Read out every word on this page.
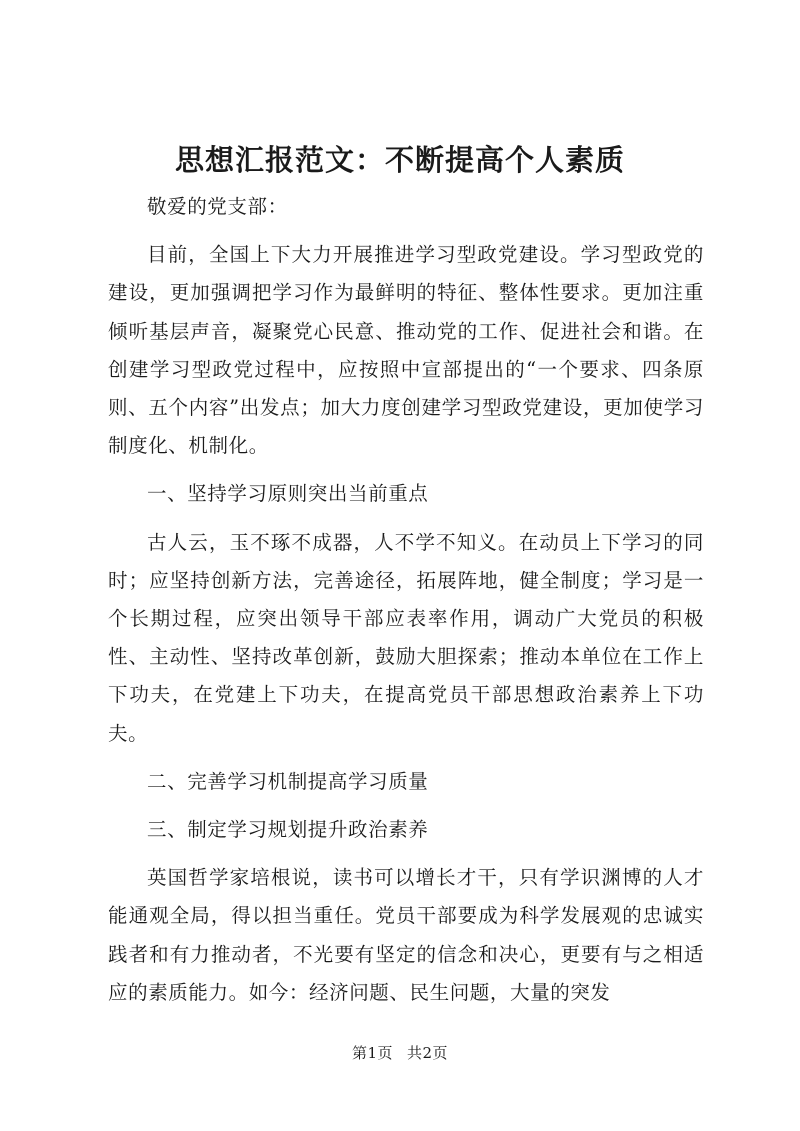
思想汇报范文：不断提高个人素质

敬爱的党支部：

目前，全国上下大力开展推进学习型政党建设。学习型政党的建设，更加强调把学习作为最鲜明的特征、整体性要求。更加注重倾听基层声音，凝聚党心民意、推动党的工作、促进社会和谐。在创建学习型政党过程中，应按照中宣部提出的“一个要求、四条原则、五个内容”出发点；加大力度创建学习型政党建设，更加使学习制度化、机制化。

一、坚持学习原则突出当前重点

古人云，玉不琢不成器，人不学不知义。在动员上下学习的同时；应坚持创新方法，完善途径，拓展阵地，健全制度；学习是一个长期过程，应突出领导干部应表率作用，调动广大党员的积极性、主动性、坚持改革创新，鼓励大胆探索；推动本单位在工作上下功夫，在党建上下功夫，在提高党员干部思想政治素养上下功夫。

二、完善学习机制提高学习质量

三、制定学习规划提升政治素养

英国哲学家培根说，读书可以增长才干，只有学识渊博的人才能通观全局，得以担当重任。党员干部要成为科学发展观的忠诚实践者和有力推动者，不光要有坚定的信念和决心，更要有与之相适应的素质能力。如今：经济问题、民生问题，大量的突发

第1页 共2页
